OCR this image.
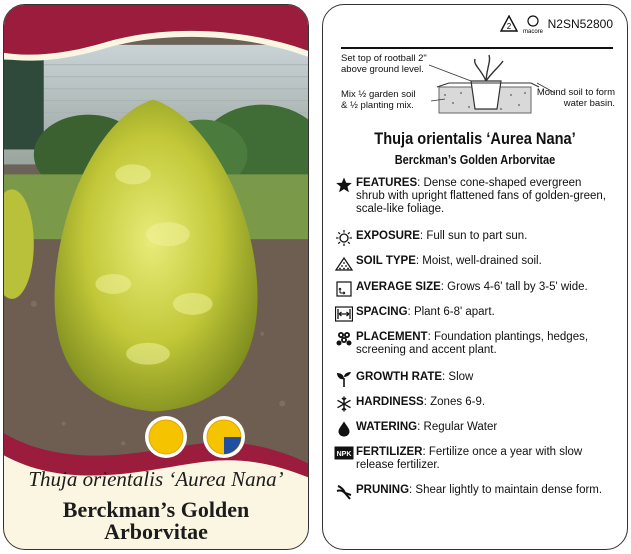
Thuja orientalis ‘Aurea Nana’
Berckman’s Golden
Arborvitae
2
macore
N2SN52800
Set top of rootball 2"
above ground level.
Mix ½ garden soil
& ½ planting mix.
Mound soil to form
water basin.
Thuja orientalis ‘Aurea Nana’
Berckman’s Golden Arborvitae
FEATURES: Dense cone-shaped evergreen shrub with upright flattened fans of golden-green, scale-like foliage.
EXPOSURE: Full sun to part sun.
SOIL TYPE: Moist, well-drained soil.
AVERAGE SIZE: Grows 4-6' tall by 3-5' wide.
SPACING: Plant 6-8' apart.
PLACEMENT: Foundation plantings, hedges, screening and accent plant.
GROWTH RATE: Slow
HARDINESS: Zones 6-9.
WATERING: Regular Water
NPK FERTILIZER: Fertilize once a year with slow release fertilizer.
PRUNING: Shear lightly to maintain dense form.
